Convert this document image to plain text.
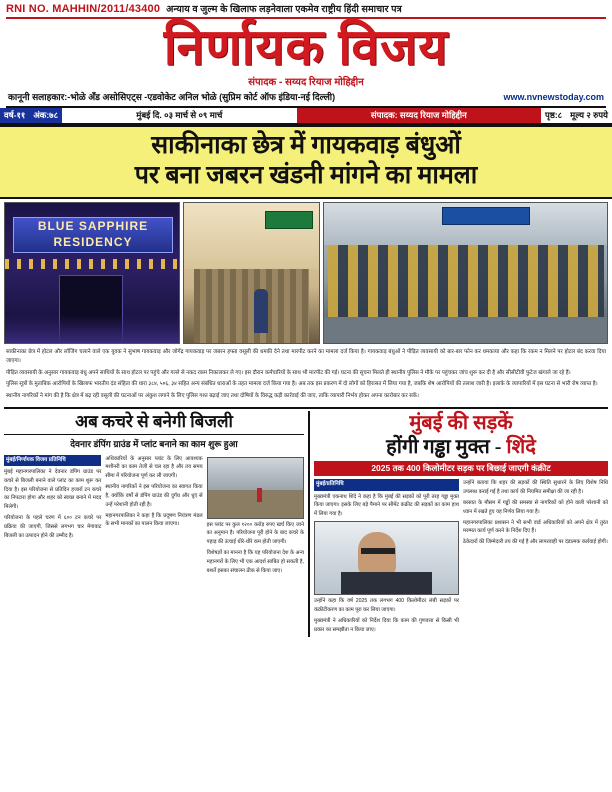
RNI NO. MAHHIN/2011/43400 अन्याय व जुल्म के खिलाफ लड़नेवाला एकमेव राष्ट्रीय हिंदी समाचार पत्र
निर्णायक विजय
संपादक - सय्यद रियाज मोहिद्दीन
कानूनी सलाहकार:-भोळे अँड असोसिएट्स -एडवोकेट अनिल भोळे (सुप्रिम कोर्ट ऑफ इंडिया-नई दिल्ली)	www.nvnewstoday.com
वर्ष-११ अंक:७८	मुंबई दि. ०३ मार्च से ०९ मार्च	संपादक: सय्यद रियाज मोहिद्दीन	पृष्ठ:८ मूल्य २ रुपये
साकीनाका छेत्र में गायकवाड़ बंधुओं
पर बना जबरन खंडनी मांगने का मामला
BLUE SAPPHIRE RESIDENCY

साकीनाका छेत्र में होटल और लॉजिंग चलाने वाले एक युवक ने सुभाष गायकवाड़ और जोगेंद्र गायकवाड़ पर जबरन हफ्ता वसूली की धमकी देने तथा मारपीट करने का मामला दर्ज किया है। गायकवाड़ बंधुओं ने पीड़ित व्यवसायी को बार-बार फोन कर धमकाया और कहा कि रकम न मिलने पर होटल बंद करवा दिया जाएगा।

पीड़ित व्यवसायी के अनुसार गायकवाड़ बंधु अपने साथियों के साथ होटल पर पहुंचे और गल्ले से नकद रकम निकालकर ले गए। इस दौरान कर्मचारियों के साथ भी मारपीट की गई। घटना की सूचना मिलते ही स्थानीय पुलिस ने मौके पर पहुंचकर जांच शुरू कर दी है और सीसीटीवी फुटेज खंगाले जा रहे हैं।

पुलिस सूत्रों के मुताबिक आरोपियों के खिलाफ भारतीय दंड संहिता की धारा ३८४, ५०६, ३४ सहित अन्य संबंधित धाराओं के तहत मामला दर्ज किया गया है। अब तक इस प्रकरण में दो लोगों को हिरासत में लिया गया है, जबकि शेष आरोपियों की तलाश जारी है। इलाके के व्यापारियों में इस घटना से भारी रोष व्याप्त है।

स्थानीय नागरिकों ने मांग की है कि क्षेत्र में बढ़ रही वसूली की घटनाओं पर अंकुश लगाने के लिए पुलिस गश्त बढ़ाई जाए तथा दोषियों के विरुद्ध कड़ी कार्रवाई की जाए, ताकि व्यापारी निर्भय होकर अपना कारोबार कर सकें।

अब कचरे से बनेगी बिजली
देवनार डंपिंग ग्राउंड में प्लांट बनाने का काम शुरू हुआ
मुंबई/निर्णायक विजय प्रतिनिधि

मुंबई महानगरपालिका ने देवनार डंपिंग ग्राउंड पर कचरे से बिजली बनाने वाले प्लांट का काम शुरू कर दिया है। इस परियोजना से प्रतिदिन हजारों टन कचरे का निपटारा होगा और शहर को स्वच्छ बनाने में मदद मिलेगी।

परियोजना के पहले चरण में ६०० टन कचरे पर प्रक्रिया की जाएगी, जिससे लगभग चार मेगावाट बिजली का उत्पादन होने की उम्मीद है।

अधिकारियों के अनुसार प्लांट के लिए आवश्यक मशीनरी का काम तेजी से चल रहा है और तय समय सीमा में परियोजना पूर्ण कर ली जाएगी।

स्थानीय नागरिकों ने इस परियोजना का स्वागत किया है, क्योंकि वर्षों से डंपिंग ग्राउंड की दुर्गंध और धुएं से उन्हें परेशानी होती रही है।

महानगरपालिका ने कहा है कि प्रदूषण नियंत्रण मंडल के सभी मानकों का पालन किया जाएगा।	इस प्लांट पर कुल १२०० करोड़ रुपए खर्च किए जाने का अनुमान है। परियोजना पूरी होने के बाद कचरे के पहाड़ की ऊंचाई धीरे-धीरे कम होती जाएगी।

विशेषज्ञों का मानना है कि यह परियोजना देश के अन्य महानगरों के लिए भी एक आदर्श साबित हो सकती है, बशर्ते इसका संचालन ठीक से किया जाए।

मुंबई की सड़कें
होंगी गड्ढा मुक्त - शिंदे
2025 तक 400 किलोमीटर सड़क पर बिछाई जाएगी कंक्रीट
मुंबई/प्रतिनिधि

मुख्यमंत्री एकनाथ शिंदे ने कहा है कि मुंबई की सड़कों को पूरी तरह गड्ढा मुक्त किया जाएगा। इसके लिए बड़े पैमाने पर सीमेंट कंक्रीट की सड़कों का काम हाथ में लिया गया है।

उन्होंने कहा कि वर्ष 2025 तक लगभग 400 किलोमीटर लंबी सड़कों पर कंक्रीटीकरण का काम पूरा कर लिया जाएगा।

मुख्यमंत्री ने अधिकारियों को निर्देश दिया कि काम की गुणवत्ता से किसी भी प्रकार का समझौता न किया जाए।

उन्होंने बताया कि शहर की सड़कों की स्थिति सुधारने के लिए विशेष निधि उपलब्ध कराई गई है तथा कार्य की नियमित समीक्षा की जा रही है।

बरसात के मौसम में गड्ढों की समस्या से नागरिकों को होने वाली परेशानी को ध्यान में रखते हुए यह निर्णय लिया गया है।

महानगरपालिका प्रशासन ने भी सभी वार्ड अधिकारियों को अपने क्षेत्र में तुरंत मरम्मत कार्य पूर्ण करने के निर्देश दिए हैं।

ठेकेदारों की जिम्मेदारी तय की गई है और लापरवाही पर दंडात्मक कार्रवाई होगी।
